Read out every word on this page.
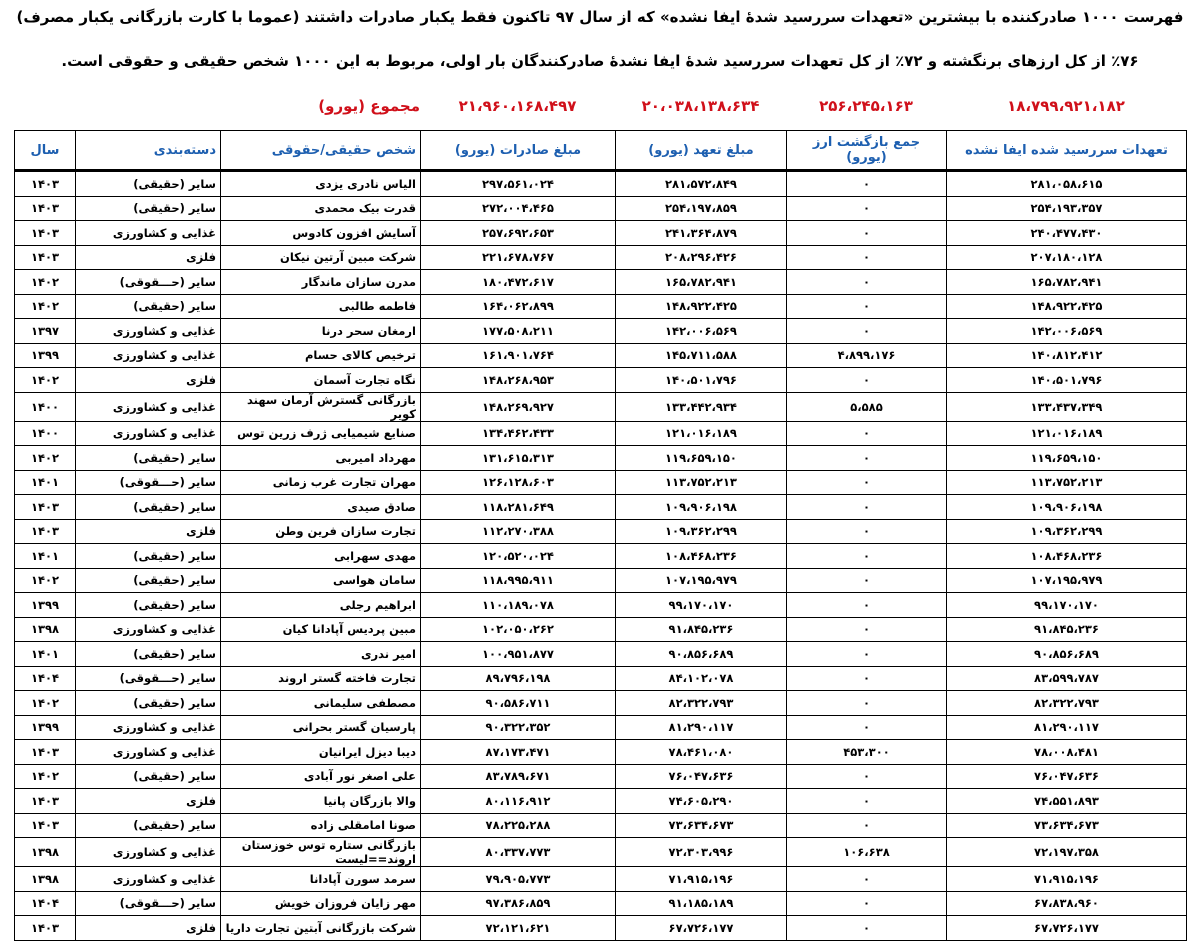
فهرست ۱۰۰۰ صادرکننده با بیشترین «تعهدات سررسید شدهٔ ایفا نشده» که از سال ۹۷ تاکنون فقط یکبار صادرات داشتند (عموما با کارت بازرگانی یکبار مصرف)
٪۷۶ از کل ارزهای برنگشته و ۷۲٪ از کل تعهدات سررسید شدهٔ ایفا نشدهٔ صادرکنندگان بار اولی، مربوط به این ۱۰۰۰ شخص حقیقی و حقوقی است.
۱۸،۷۹۹،۹۲۱،۱۸۲
۲۵۶،۲۴۵،۱۶۳
۲۰،۰۳۸،۱۳۸،۶۳۴
۲۱،۹۶۰،۱۶۸،۴۹۷
مجموع (یورو)
تعهدات سررسید شده ایفا نشده	جمع بازگشت ارز (یورو)	مبلغ تعهد (یورو)	مبلغ صادرات (یورو)	شخص حقیقی/حقوقی	دسته‌بندی	سال
۲۸۱،۰۵۸،۶۱۵	۰	۲۸۱،۵۷۲،۸۴۹	۲۹۷،۵۶۱،۰۲۴	الیاس نادری یزدی	سایر (حقیقی)	۱۴۰۳
۲۵۴،۱۹۳،۳۵۷	۰	۲۵۴،۱۹۷،۸۵۹	۲۷۲،۰۰۴،۴۶۵	قدرت بیک محمدی	سایر (حقیقی)	۱۴۰۳
۲۴۰،۴۷۷،۴۳۰	۰	۲۴۱،۳۶۴،۸۷۹	۲۵۷،۶۹۲،۶۵۳	آسایش افزون کادوس	غذایی و کشاورزی	۱۴۰۳
۲۰۷،۱۸۰،۱۲۸	۰	۲۰۸،۲۹۶،۴۲۶	۲۲۱،۶۷۸،۷۶۷	شرکت مبین آرتین نیکان	فلزی	۱۴۰۳
۱۶۵،۷۸۲،۹۴۱	۰	۱۶۵،۷۸۲،۹۴۱	۱۸۰،۴۷۲،۶۱۷	مدرن سازان ماندگار	سایر (حـــقوقی)	۱۴۰۲
۱۴۸،۹۲۲،۴۲۵	۰	۱۴۸،۹۲۲،۴۲۵	۱۶۴،۰۶۲،۸۹۹	فاطمه طالبی	سایر (حقیقی)	۱۴۰۲
۱۴۲،۰۰۶،۵۶۹	۰	۱۴۲،۰۰۶،۵۶۹	۱۷۷،۵۰۸،۲۱۱	ارمغان سحر درنا	غذایی و کشاورزی	۱۳۹۷
۱۴۰،۸۱۲،۴۱۲	۴،۸۹۹،۱۷۶	۱۴۵،۷۱۱،۵۸۸	۱۶۱،۹۰۱،۷۶۴	ترخیص کالای حسام	غذایی و کشاورزی	۱۳۹۹
۱۴۰،۵۰۱،۷۹۶	۰	۱۴۰،۵۰۱،۷۹۶	۱۴۸،۲۶۸،۹۵۳	نگاه تجارت آسمان	فلزی	۱۴۰۲
۱۳۳،۴۳۷،۳۴۹	۵،۵۸۵	۱۳۳،۴۴۲،۹۳۴	۱۴۸،۲۶۹،۹۲۷	بازرگانی گسترش آرمان سهند کویر	غذایی و کشاورزی	۱۴۰۰
۱۲۱،۰۱۶،۱۸۹	۰	۱۲۱،۰۱۶،۱۸۹	۱۳۴،۴۶۲،۴۳۳	صنایع شیمیایی ژرف زرین توس	غذایی و کشاورزی	۱۴۰۰
۱۱۹،۶۵۹،۱۵۰	۰	۱۱۹،۶۵۹،۱۵۰	۱۳۱،۶۱۵،۳۱۳	مهرداد امیربی	سایر (حقیقی)	۱۴۰۲
۱۱۳،۷۵۲،۲۱۳	۰	۱۱۳،۷۵۲،۲۱۳	۱۲۶،۱۲۸،۶۰۳	مهران تجارت غرب زمانی	سایر (حـــقوقی)	۱۴۰۱
۱۰۹،۹۰۶،۱۹۸	۰	۱۰۹،۹۰۶،۱۹۸	۱۱۸،۲۸۱،۶۴۹	صادق صیدی	سایر (حقیقی)	۱۴۰۳
۱۰۹،۳۶۲،۲۹۹	۰	۱۰۹،۳۶۲،۲۹۹	۱۱۲،۲۷۰،۳۸۸	تجارت سازان فرین وطن	فلزی	۱۴۰۳
۱۰۸،۴۶۸،۲۳۶	۰	۱۰۸،۴۶۸،۲۳۶	۱۲۰،۵۲۰،۰۲۴	مهدی سهرابی	سایر (حقیقی)	۱۴۰۱
۱۰۷،۱۹۵،۹۷۹	۰	۱۰۷،۱۹۵،۹۷۹	۱۱۸،۹۹۵،۹۱۱	سامان هواسی	سایر (حقیقی)	۱۴۰۲
۹۹،۱۷۰،۱۷۰	۰	۹۹،۱۷۰،۱۷۰	۱۱۰،۱۸۹،۰۷۸	ابراهیم رجلی	سایر (حقیقی)	۱۳۹۹
۹۱،۸۴۵،۲۳۶	۰	۹۱،۸۴۵،۲۳۶	۱۰۲،۰۵۰،۲۶۲	مبین پردیس آپادانا کیان	غذایی و کشاورزی	۱۳۹۸
۹۰،۸۵۶،۶۸۹	۰	۹۰،۸۵۶،۶۸۹	۱۰۰،۹۵۱،۸۷۷	امیر ندری	سایر (حقیقی)	۱۴۰۱
۸۳،۵۹۹،۷۸۷	۰	۸۴،۱۰۲،۰۷۸	۸۹،۷۹۶،۱۹۸	تجارت فاخته گستر اروند	سایر (حـــقوقی)	۱۴۰۴
۸۲،۳۲۲،۷۹۳	۰	۸۲،۳۲۲،۷۹۳	۹۰،۵۸۶،۷۱۱	مصطفی سلیمانی	سایر (حقیقی)	۱۴۰۲
۸۱،۲۹۰،۱۱۷	۰	۸۱،۲۹۰،۱۱۷	۹۰،۳۲۲،۳۵۲	پارسیان گستر بحرانی	غذایی و کشاورزی	۱۳۹۹
۷۸،۰۰۸،۴۸۱	۴۵۳،۳۰۰	۷۸،۴۶۱،۰۸۰	۸۷،۱۷۳،۴۷۱	دیبا دیزل ایرانیان	غذایی و کشاورزی	۱۴۰۳
۷۶،۰۴۷،۶۳۶	۰	۷۶،۰۴۷،۶۳۶	۸۳،۷۸۹،۶۷۱	علی اصغر نور آبادی	سایر (حقیقی)	۱۴۰۲
۷۴،۵۵۱،۸۹۳	۰	۷۴،۶۰۵،۲۹۰	۸۰،۱۱۶،۹۱۲	والا بازرگان پانیا	فلزی	۱۴۰۳
۷۳،۶۳۴،۶۷۳	۰	۷۳،۶۳۴،۶۷۳	۷۸،۲۲۵،۲۸۸	صونا امامقلی زاده	سایر (حقیقی)	۱۴۰۳
۷۲،۱۹۷،۳۵۸	۱۰۶،۶۳۸	۷۲،۳۰۳،۹۹۶	۸۰،۳۳۷،۷۷۳	بازرگانی ستاره توس خوزستان اروند==لیست	غذایی و کشاورزی	۱۳۹۸
۷۱،۹۱۵،۱۹۶	۰	۷۱،۹۱۵،۱۹۶	۷۹،۹۰۵،۷۷۳	سرمد سورن آپادانا	غذایی و کشاورزی	۱۳۹۸
۶۷،۸۳۸،۹۶۰	۰	۹۱،۱۸۵،۱۸۹	۹۷،۳۸۶،۸۵۹	مهر زایان فروزان خویش	سایر (حـــقوقی)	۱۴۰۴
۶۷،۷۲۶،۱۷۷	۰	۶۷،۷۲۶،۱۷۷	۷۲،۱۲۱،۶۲۱	شرکت بازرگانی آبتین تجارت داریا	فلزی	۱۴۰۳
